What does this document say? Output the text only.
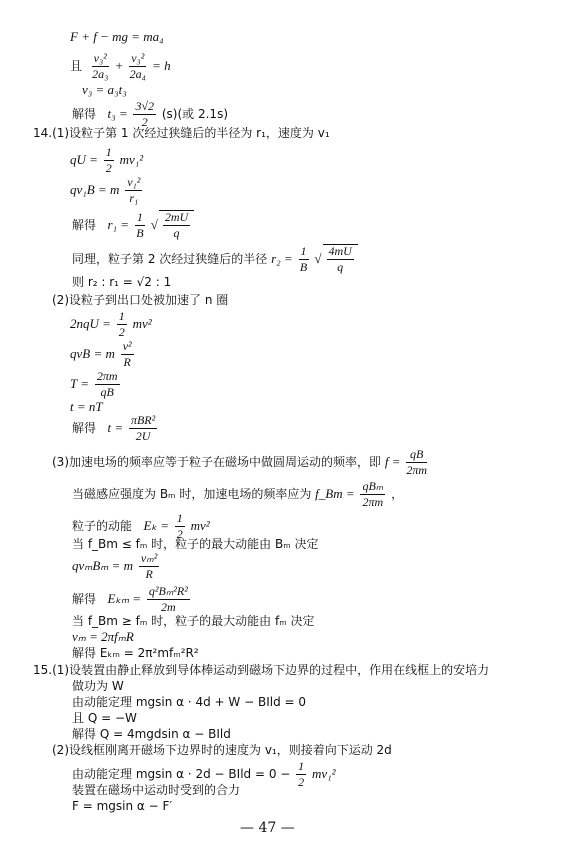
F + f − mg = ma₄
且 $\frac{\text{v₃²}}{\text{2a₃}} + \frac{\text{v₃²}}{\text{2a₄}} = h$
v₃ = a₃t₃
解得 $t_3 = \frac{3√2}{2} (s)$(或 2.1s)
14.(1)设粒子第 1 次经过狭缝后的半径为 r₁，速度为 v₁
qU = $\frac{1}{2} mv_1^2$
qv₁B = m $\frac{\text{v₁²}}{\text{r₁}}$
解得 $r_1 = \frac{1}{B}$ √ $\frac{2mU}{q}$
同理，粒子第 2 次经过狭缝后的半径 $r_2 = \frac{1}{B}$ √ $\frac{4mU}{q}$
则 r₂ : r₁ = √2 : 1
(2)设粒子到出口处被加速了 n 圈
$2nqU = \frac{1}{2} mv^2$
qvB = m $\frac{\text{v²}}{R}$
$T = \frac{2\pi m}{qB}$
t = nT
解得 $t = \frac{\text{πBR²}}{2U}$
(3)加速电场的频率应等于粒子在磁场中做圆周运动的频率，即 $f = \frac{qB}{2\pi m}$
当磁感应强度为 Bₘ 时，加速电场的频率应为 f_Bm = $\frac{\text{qBₘ}}{2\pi m}$ ，
粒子的动能 $E_k = \frac{1}{2} mv^2$
当 f_Bm ≤ fₘ 时，粒子的最大动能由 Bₘ 决定
qvₘBₘ = m $\frac{\text{vₘ²}}{R}$
解得 $E_{km} = \frac{\text{q²Bₘ²R²}}{2m}$
当 f_Bm ≥ fₘ 时，粒子的最大动能由 fₘ 决定
vₘ = 2πfₘR
解得 Eₖₘ = 2π²mfₘ²R²
15.(1)设装置由静止释放到导体棒运动到磁场下边界的过程中，作用在线框上的安培力
做功为 W
由动能定理 mgsin α · 4d + W − BIld = 0
且 Q = −W
解得 Q = 4mgdsin α − BIld
(2)设线框刚离开磁场下边界时的速度为 v₁，则接着向下运动 2d
由动能定理 mgsin α · 2d − BIld = $0 - \frac{1}{2} mv_1^2$
装置在磁场中运动时受到的合力
F = mgsin α − F′
— 47 —
